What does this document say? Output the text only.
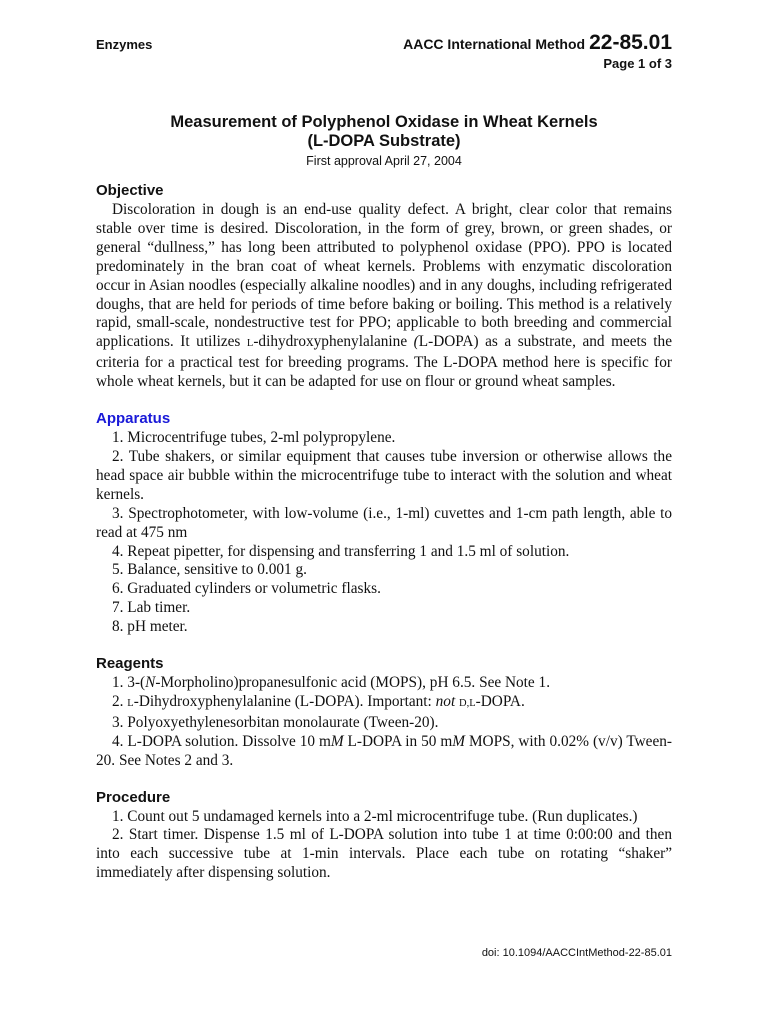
Enzymes	AACC International Method 22-85.01
Page 1 of 3
Measurement of Polyphenol Oxidase in Wheat Kernels
(L-DOPA Substrate)
First approval April 27, 2004
Objective

Discoloration in dough is an end-use quality defect. A bright, clear color that remains stable over time is desired. Discoloration, in the form of grey, brown, or green shades, or general “dullness,” has long been attributed to polyphenol oxidase (PPO). PPO is located predominately in the bran coat of wheat kernels. Problems with enzymatic discoloration occur in Asian noodles (especially alkaline noodles) and in any doughs, including refrigerated doughs, that are held for periods of time before baking or boiling. This method is a relatively rapid, small-scale, nondestructive test for PPO; applicable to both breeding and commercial applications. It utilizes L-dihydroxyphenylalanine (L-DOPA) as a substrate, and meets the criteria for a practical test for breeding programs. The L-DOPA method here is specific for whole wheat kernels, but it can be adapted for use on flour or ground wheat samples.

Apparatus

1. Microcentrifuge tubes, 2-ml polypropylene.

2. Tube shakers, or similar equipment that causes tube inversion or otherwise allows the head space air bubble within the microcentrifuge tube to interact with the solution and wheat kernels.

3. Spectrophotometer, with low-volume (i.e., 1-ml) cuvettes and 1-cm path length, able to read at 475 nm

4. Repeat pipetter, for dispensing and transferring 1 and 1.5 ml of solution.

5. Balance, sensitive to 0.001 g.

6. Graduated cylinders or volumetric flasks.

7. Lab timer.

8. pH meter.

Reagents

1. 3-(N-Morpholino)propanesulfonic acid (MOPS), pH 6.5. See Note 1.

2. L-Dihydroxyphenylalanine (L-DOPA). Important: not D,L-DOPA.

3. Polyoxyethylenesorbitan monolaurate (Tween-20).

4. L-DOPA solution. Dissolve 10 mM L-DOPA in 50 mM MOPS, with 0.02% (v/v) Tween-20. See Notes 2 and 3.

Procedure

1. Count out 5 undamaged kernels into a 2-ml microcentrifuge tube. (Run duplicates.)

2. Start timer. Dispense 1.5 ml of L-DOPA solution into tube 1 at time 0:00:00 and then into each successive tube at 1-min intervals. Place each tube on rotating “shaker” immediately after dispensing solution.

doi: 10.1094/AACCIntMethod-22-85.01
